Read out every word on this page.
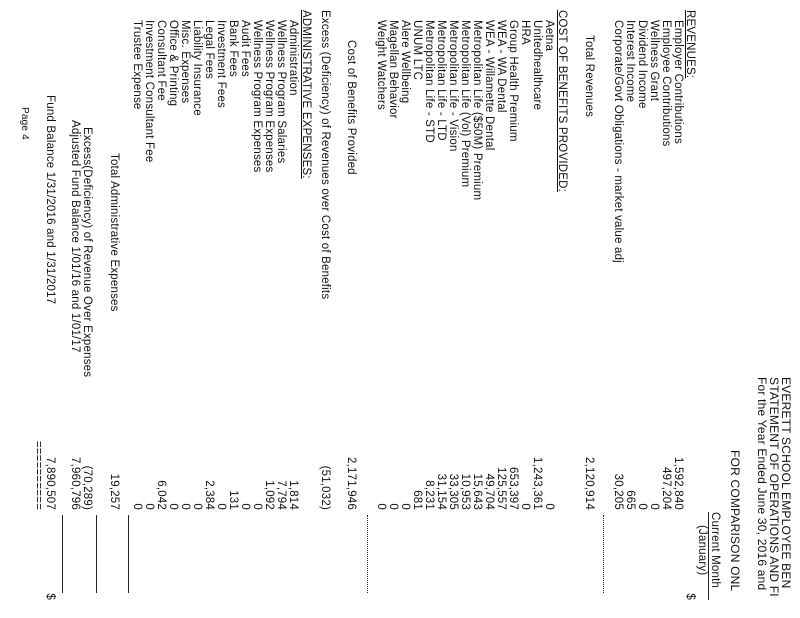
EVERETT SCHOOL EMPLOYEE BEN
STATEMENT OF OPERATIONS AND FI
For the Year Ended June 30, 2016 and
FOR COMPARISON ONL
Current Month
(January)
REVENUES:
$
Employer Contributions
1,592,840
Employee Contributions
497,204
Wellness Grant
0
Dividend Income
0
Interest Income
665
Corporate/Govt Obligations - market value adj
30,205
Total Revenues
2,120,914
COST OF BENEFITS PROVIDED:
Aetna
0
Unitedhealthcare
1,243,361
HRA
0
Group Health Premium
653,397
WEA - WA Dental
125,557
WEA - Willamette Dental
49,704
Metropolitan Life ($50M) Premium
15,643
Metropolitan Life (Vol) Premium
10,953
Metropolitan Life - Vision
33,305
Metropolitan Life - LTD
31,154
Metropolitan Life - STD
8,231
UNUM LTC
681
Alere Wellbeing
0
Magellan Behavior
0
Weight Watchers
0
Cost of Benefits Provided
2,171,946
Excess (Deficiency) of Revenues over Cost of Benefits
(51,032)
ADMINISTRATIVE EXPENSES:
Administration
1,814
Wellness Program Salaries
7,794
Wellness Program Expenses
1,092
Wellness Program Expenses
0
Audit Fees
0
Bank Fees
131
Investment Fees
0
Legal Fees
2,384
Liability Insurance
0
Misc. Expenses
0
Office & Printing
0
Consultant Fee
6,042
Investment Consultant Fee
0
Trustee Expense
0
Total Administrative Expenses
19,257
Excess(Deficiency) of Revenue Over Expenses
(70,289)
Adjusted Fund Balance 1/01/16 and 1/01/17
7,960,796
Fund Balance 1/31/2016 and 1/31/2017
7,890,507
==========
$
Page 4
